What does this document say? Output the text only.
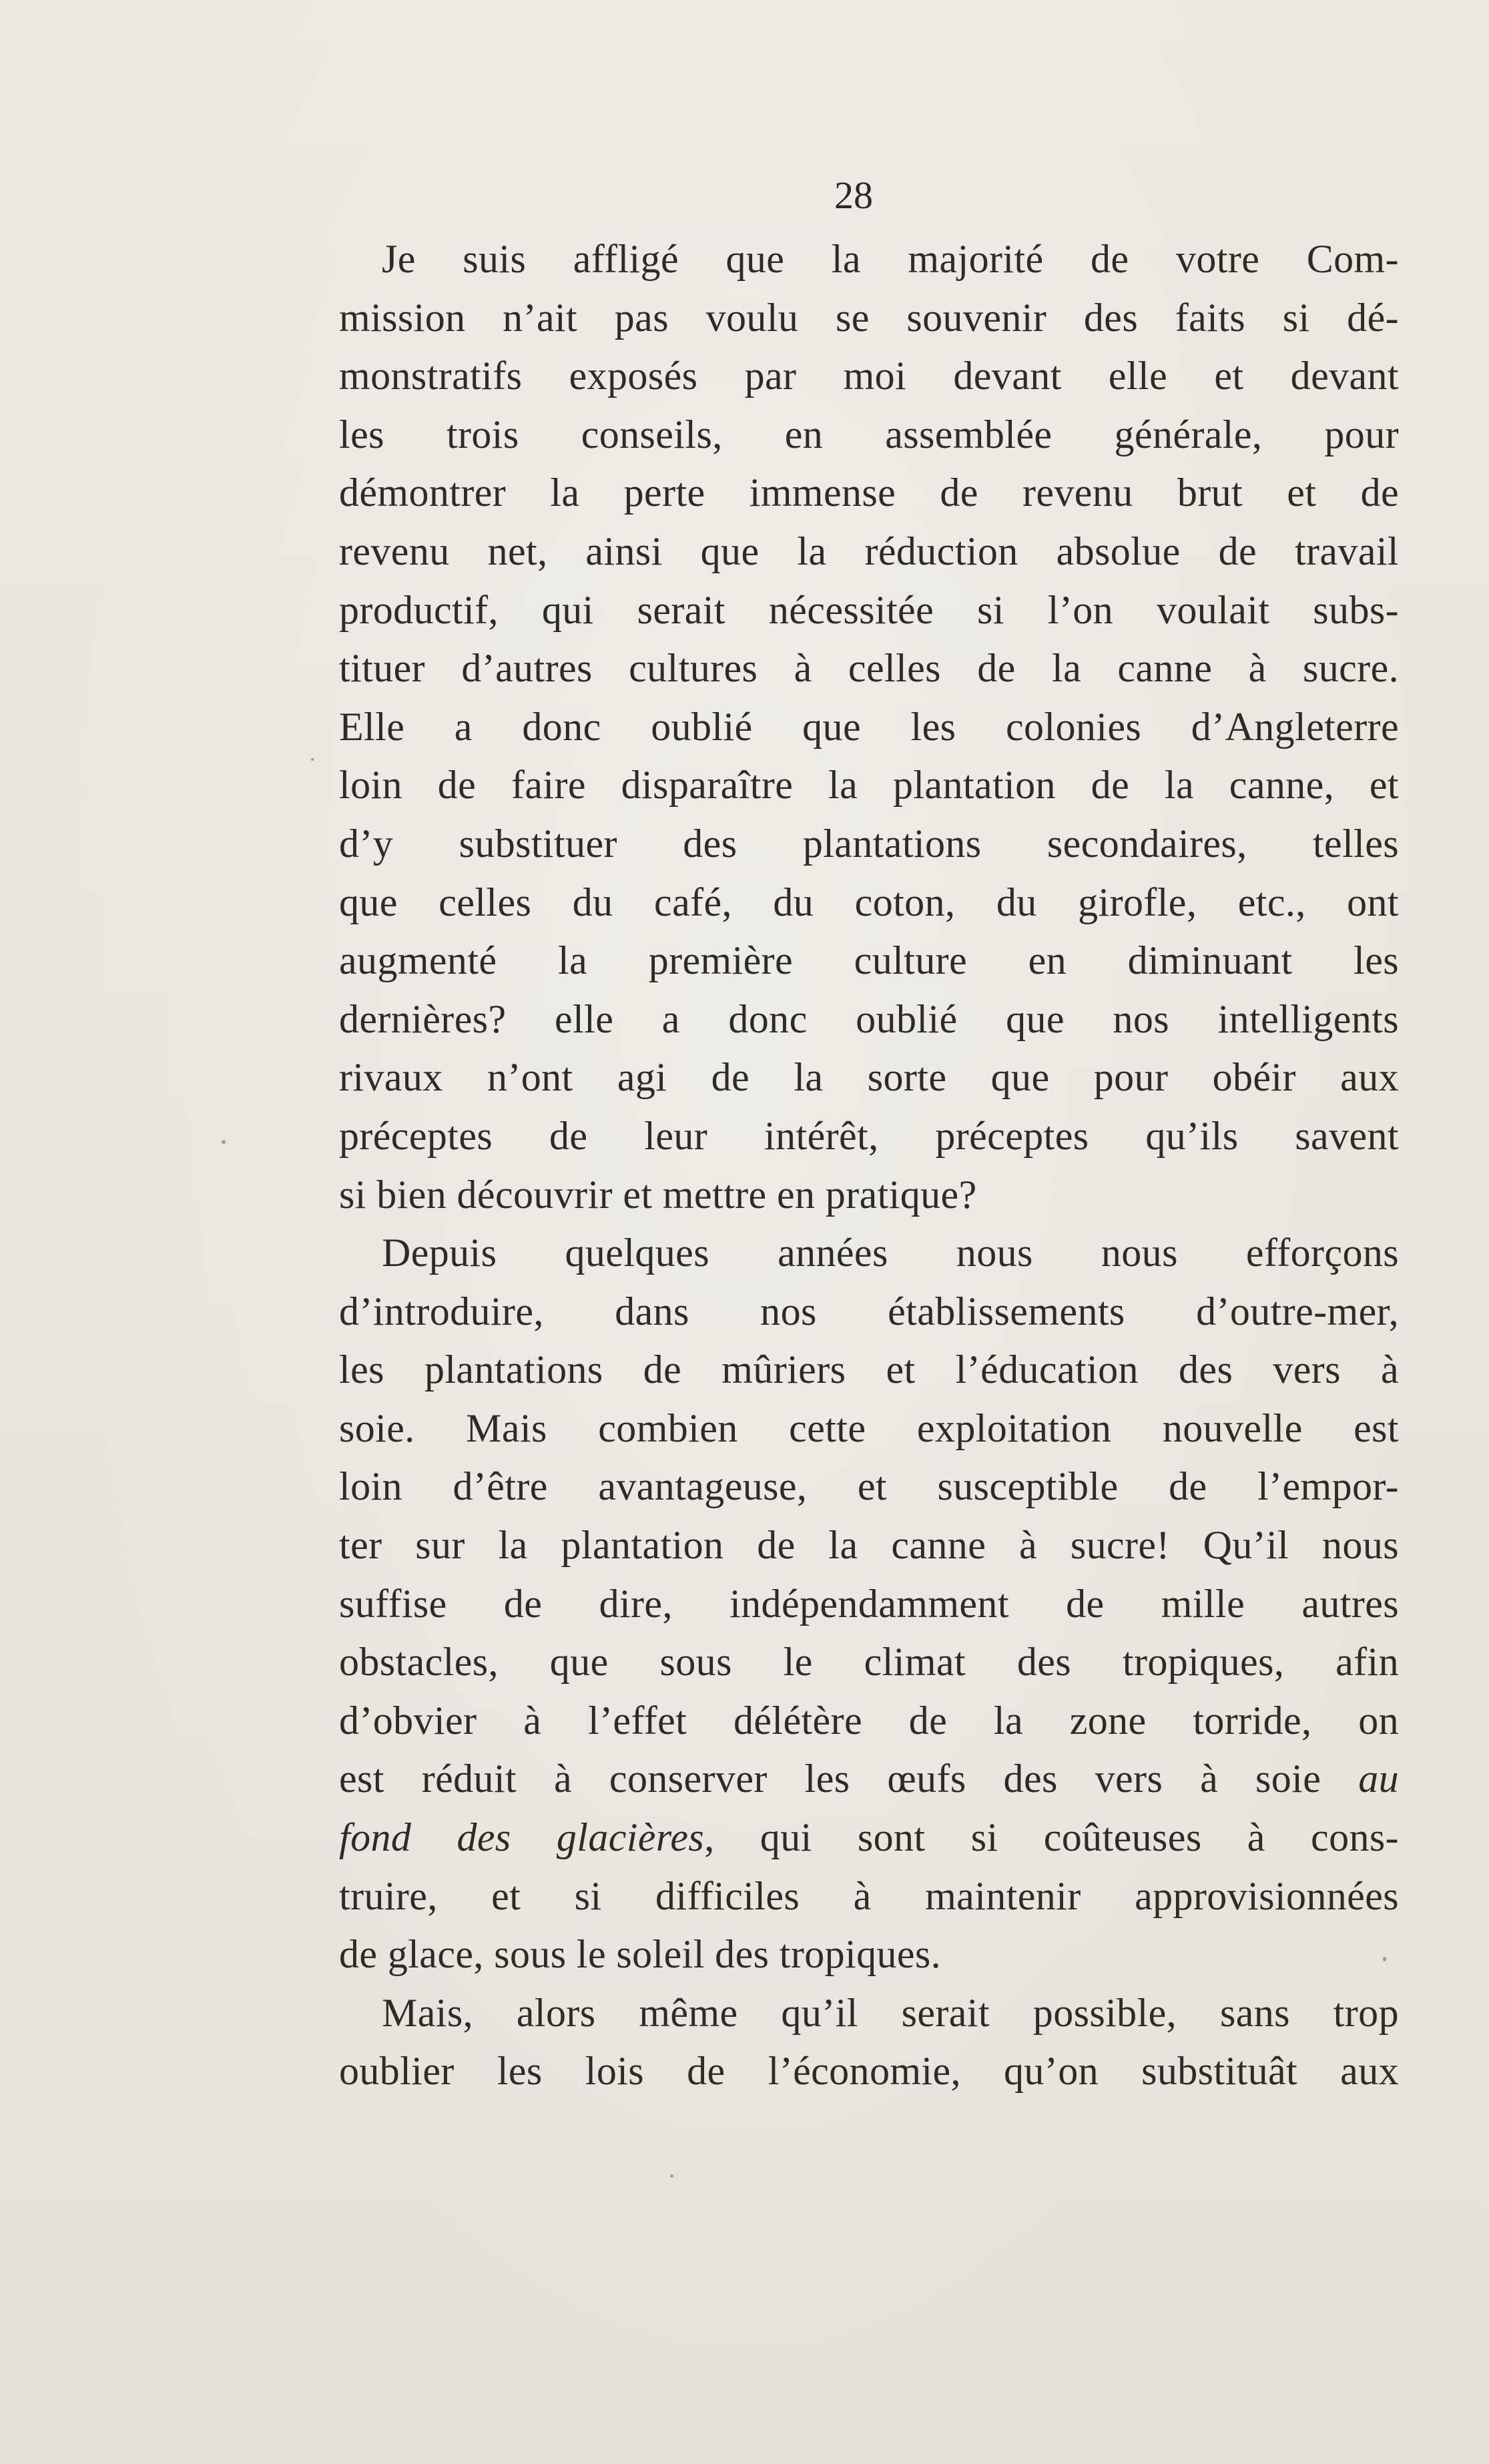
28
Je suis affligé que la majorité de votre Com-
mission n’ait pas voulu se souvenir des faits si dé-
monstratifs exposés par moi devant elle et devant
les trois conseils, en assemblée générale, pour
démontrer la perte immense de revenu brut et de
revenu net, ainsi que la réduction absolue de travail
productif, qui serait nécessitée si l’on voulait subs-
tituer d’autres cultures à celles de la canne à sucre.
Elle a donc oublié que les colonies d’Angleterre
loin de faire disparaître la plantation de la canne, et
d’y substituer des plantations secondaires, telles
que celles du café, du coton, du girofle, etc., ont
augmenté la première culture en diminuant les
dernières? elle a donc oublié que nos intelligents
rivaux n’ont agi de la sorte que pour obéir aux
préceptes de leur intérêt, préceptes qu’ils savent
si bien découvrir et mettre en pratique?
Depuis quelques années nous nous efforçons
d’introduire, dans nos établissements d’outre-mer,
les plantations de mûriers et l’éducation des vers à
soie. Mais combien cette exploitation nouvelle est
loin d’être avantageuse, et susceptible de l’empor-
ter sur la plantation de la canne à sucre! Qu’il nous
suffise de dire, indépendamment de mille autres
obstacles, que sous le climat des tropiques, afin
d’obvier à l’effet délétère de la zone torride, on
est réduit à conserver les œufs des vers à soie au
fond des glacières, qui sont si coûteuses à cons-
truire, et si difficiles à maintenir approvisionnées
de glace, sous le soleil des tropiques.
Mais, alors même qu’il serait possible, sans trop
oublier les lois de l’économie, qu’on substituât aux
